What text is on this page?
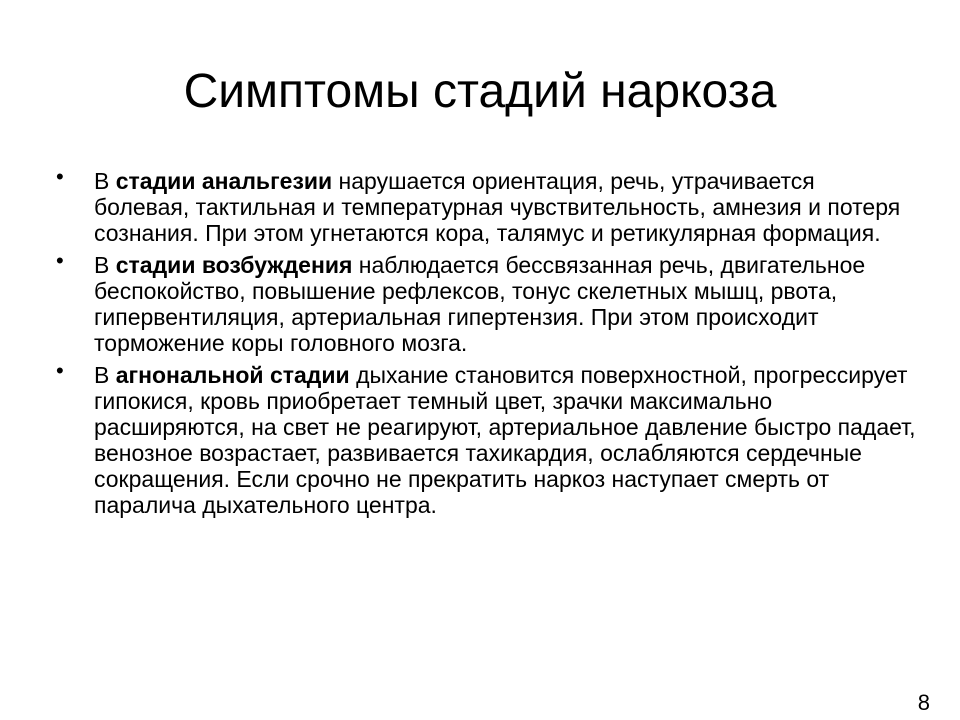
Симптомы стадий наркоза
• В стадии анальгезии нарушается ориентация, речь, утрачивается болевая, тактильная и температурная чувствительность, амнезия и потеря сознания. При этом угнетаются кора, талямус и ретикулярная формация.
• В стадии возбуждения наблюдается бессвязанная речь, двигательное беспокойство, повышение рефлексов, тонус скелетных мышц, рвота, гипервентиляция, артериальная гипертензия. При этом происходит торможение коры головного мозга.
• В агнональной стадии дыхание становится поверхностной, прогрессирует гипокися, кровь приобретает темный цвет, зрачки максимально расширяются, на свет не реагируют, артериальное давление быстро падает, венозное возрастает, развивается тахикардия, ослабляются сердечные сокращения. Если срочно не прекратить наркоз наступает смерть от паралича дыхательного центра.
8
